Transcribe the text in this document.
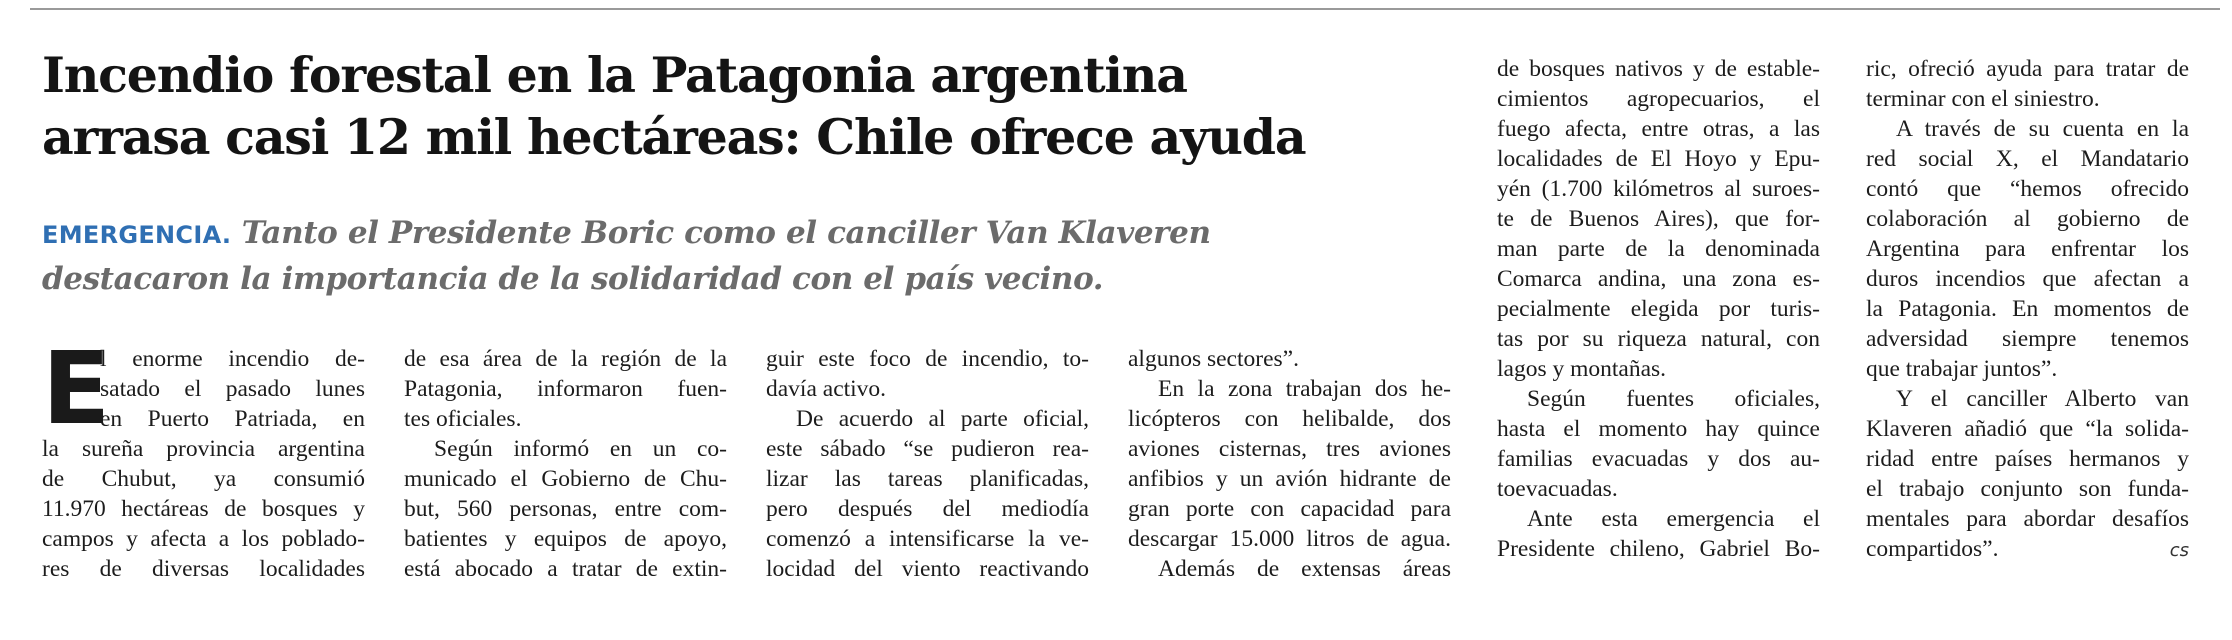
Incendio forestal en la Patagonia argentina
arrasa casi 12 mil hectáreas: Chile ofrece ayuda
EMERGENCIA. Tanto el Presidente Boric como el canciller Van Klaveren
destacaron la importancia de la solidaridad con el país vecino.
E
l enorme incendio de-
satado el pasado lunes
en Puerto Patriada, en
la sureña provincia argentina
de Chubut, ya consumió
11.970 hectáreas de bosques y
campos y afecta a los poblado-
res de diversas localidades
de esa área de la región de la
Patagonia, informaron fuen-
tes oficiales.
Según informó en un co-
municado el Gobierno de Chu-
but, 560 personas, entre com-
batientes y equipos de apoyo,
está abocado a tratar de extin-
guir este foco de incendio, to-
davía activo.
De acuerdo al parte oficial,
este sábado “se pudieron rea-
lizar las tareas planificadas,
pero después del mediodía
comenzó a intensificarse la ve-
locidad del viento reactivando
algunos sectores”.
En la zona trabajan dos he-
licópteros con helibalde, dos
aviones cisternas, tres aviones
anfibios y un avión hidrante de
gran porte con capacidad para
descargar 15.000 litros de agua.
Además de extensas áreas
de bosques nativos y de estable-
cimientos agropecuarios, el
fuego afecta, entre otras, a las
localidades de El Hoyo y Epu-
yén (1.700 kilómetros al suroes-
te de Buenos Aires), que for-
man parte de la denominada
Comarca andina, una zona es-
pecialmente elegida por turis-
tas por su riqueza natural, con
lagos y montañas.
Según fuentes oficiales,
hasta el momento hay quince
familias evacuadas y dos au-
toevacuadas.
Ante esta emergencia el
Presidente chileno, Gabriel Bo-
ric, ofreció ayuda para tratar de
terminar con el siniestro.
A través de su cuenta en la
red social X, el Mandatario
contó que “hemos ofrecido
colaboración al gobierno de
Argentina para enfrentar los
duros incendios que afectan a
la Patagonia. En momentos de
adversidad siempre tenemos
que trabajar juntos”.
Y el canciller Alberto van
Klaveren añadió que “la solida-
ridad entre países hermanos y
el trabajo conjunto son funda-
mentales para abordar desafíos
compartidos”.	cs
